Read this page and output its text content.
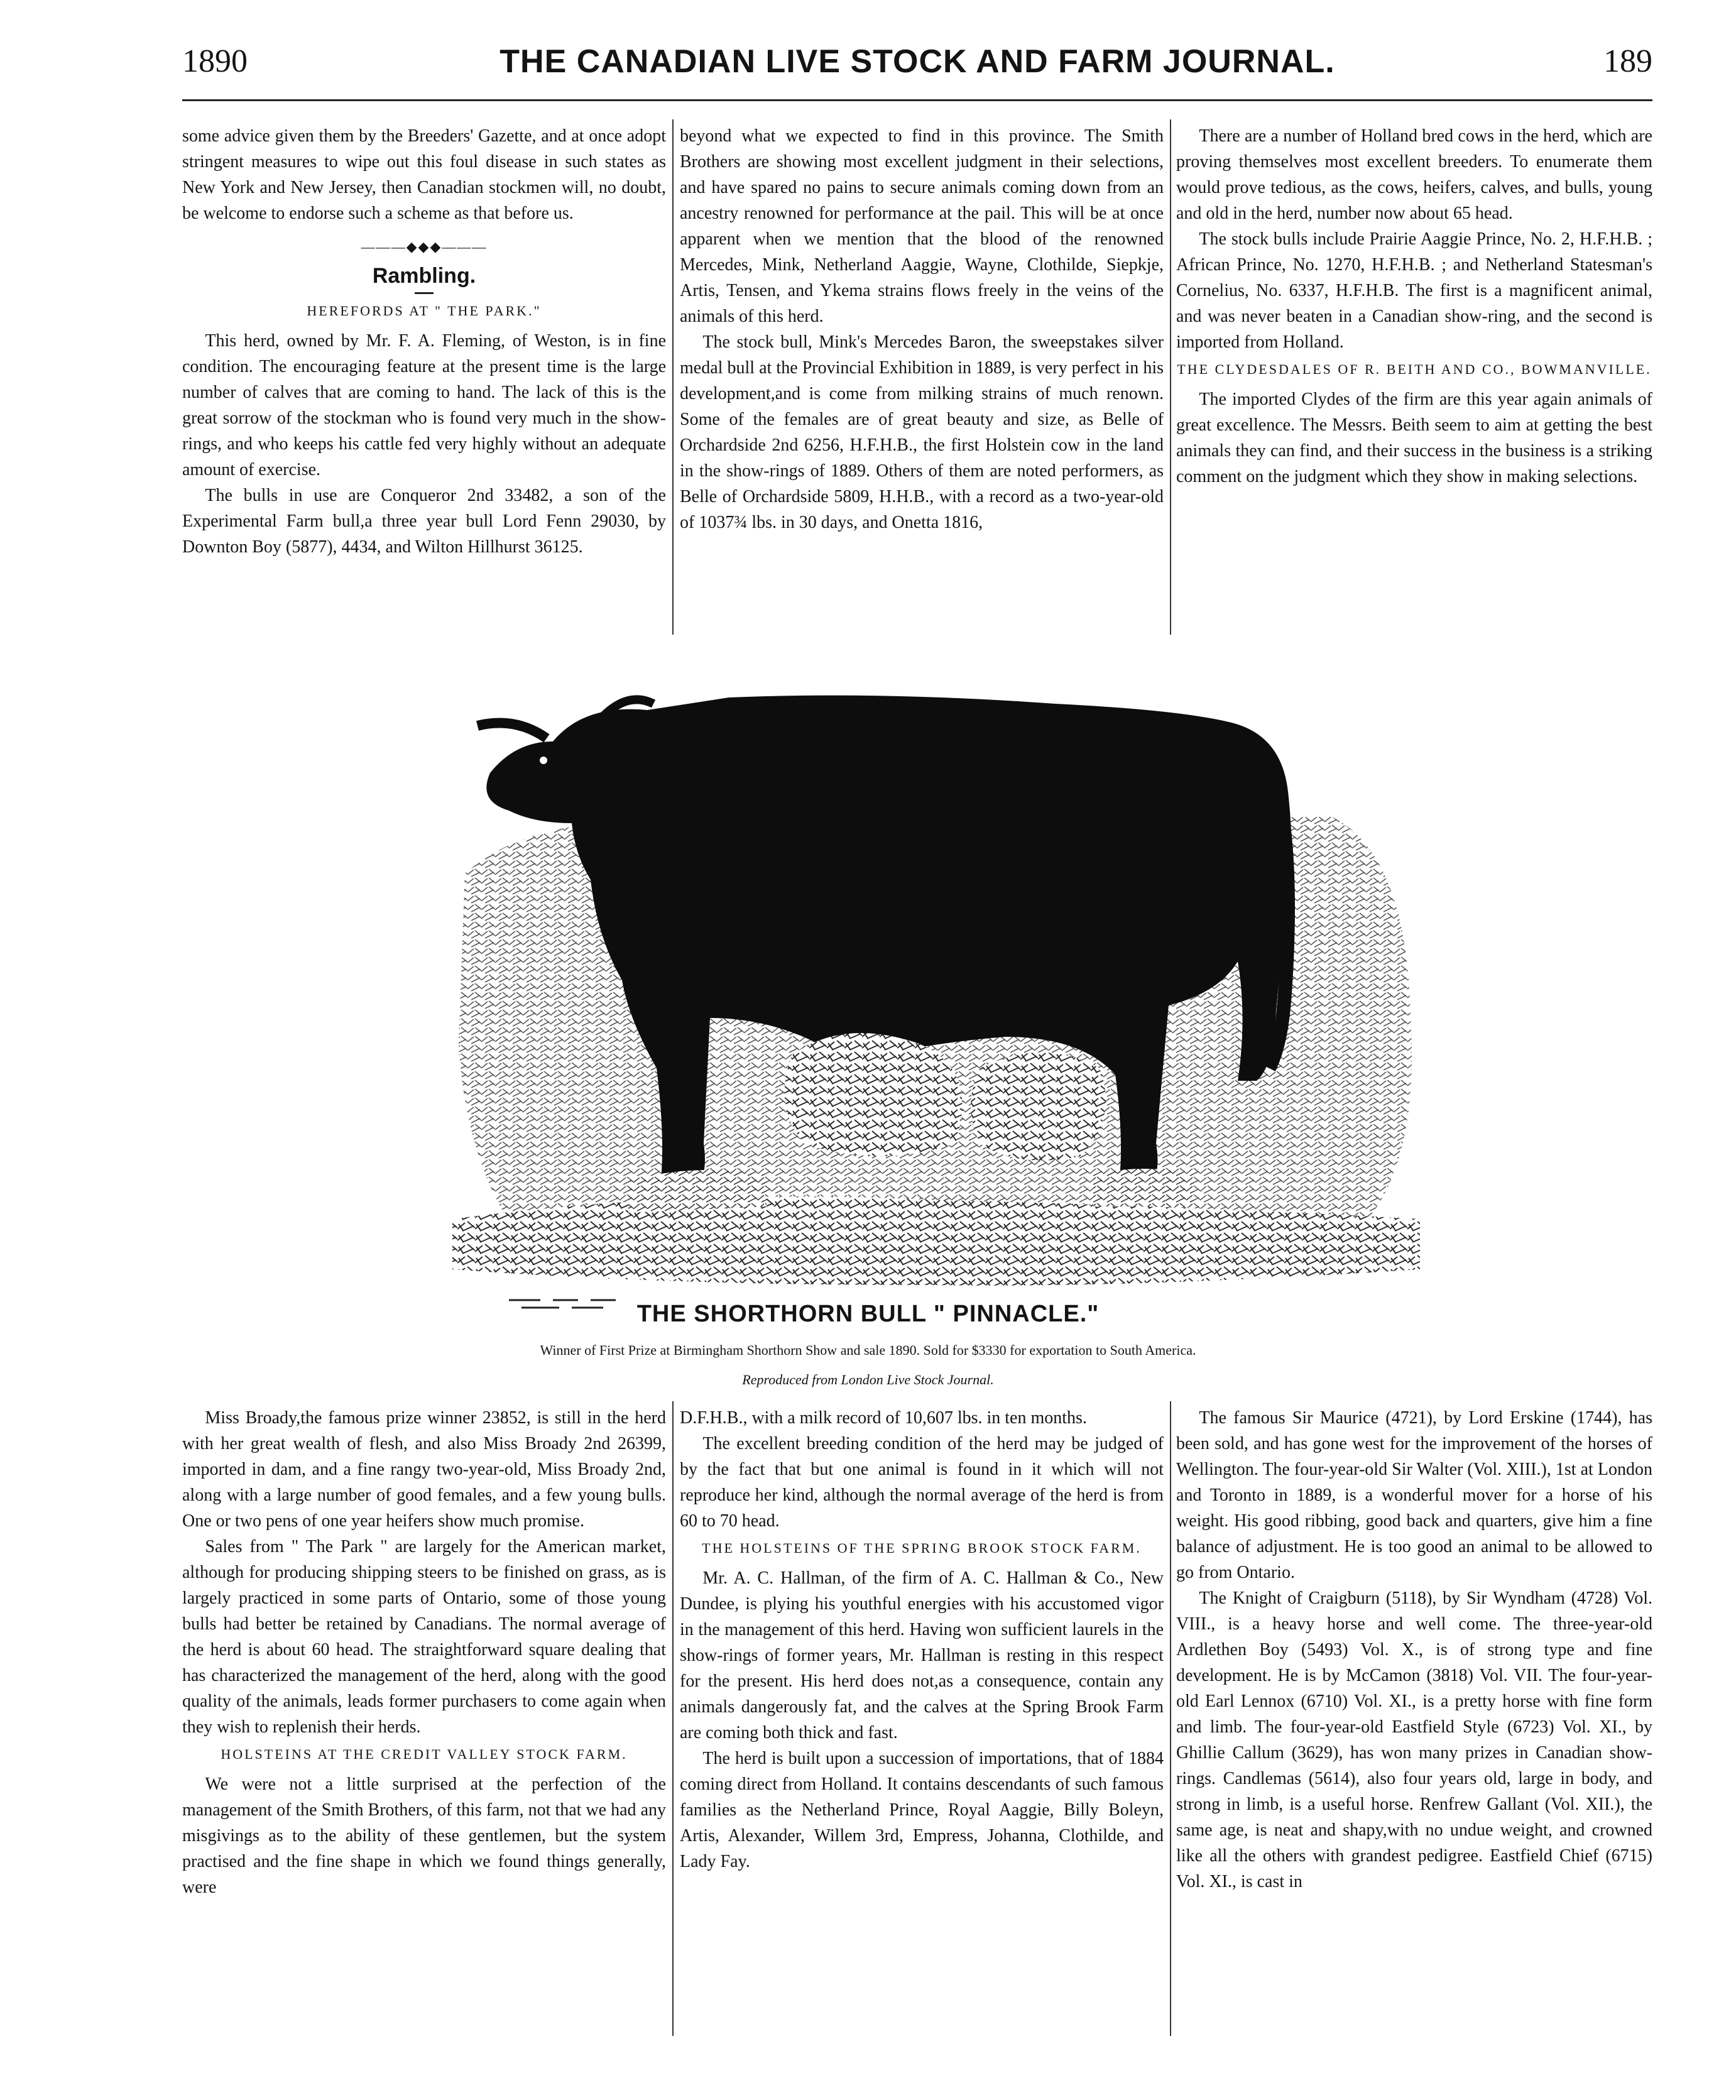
1890	THE CANADIAN LIVE STOCK AND FARM JOURNAL.	189

some advice given them by the Breeders' Gazette, and at once adopt stringent measures to wipe out this foul disease in such states as New York and New Jersey, then Canadian stockmen will, no doubt, be welcome to endorse such a scheme as that before us.

———◆◆◆———
Rambling.
HEREFORDS AT " THE PARK."

This herd, owned by Mr. F. A. Fleming, of Weston, is in fine condition. The encouraging feature at the present time is the large number of calves that are coming to hand. The lack of this is the great sorrow of the stockman who is found very much in the show-rings, and who keeps his cattle fed very highly without an adequate amount of exercise.

The bulls in use are Conqueror 2nd 33482, a son of the Experimental Farm bull,a three year bull Lord Fenn 29030, by Downton Boy (5877), 4434, and Wilton Hillhurst 36125.

beyond what we expected to find in this province. The Smith Brothers are showing most excellent judgment in their selections, and have spared no pains to secure animals coming down from an ancestry renowned for performance at the pail. This will be at once apparent when we mention that the blood of the renowned Mercedes, Mink, Netherland Aaggie, Wayne, Clothilde, Siepkje, Artis, Tensen, and Ykema strains flows freely in the veins of the animals of this herd.

The stock bull, Mink's Mercedes Baron, the sweepstakes silver medal bull at the Provincial Exhibition in 1889, is very perfect in his development,and is come from milking strains of much renown. Some of the females are of great beauty and size, as Belle of Orchardside 2nd 6256, H.F.H.B., the first Holstein cow in the land in the show-rings of 1889. Others of them are noted performers, as Belle of Orchardside 5809, H.H.B., with a record as a two-year-old of 1037¾ lbs. in 30 days, and Onetta 1816,

There are a number of Holland bred cows in the herd, which are proving themselves most excellent breeders. To enumerate them would prove tedious, as the cows, heifers, calves, and bulls, young and old in the herd, number now about 65 head.

The stock bulls include Prairie Aaggie Prince, No. 2, H.F.H.B. ; African Prince, No. 1270, H.F.H.B. ; and Netherland Statesman's Cornelius, No. 6337, H.F.H.B. The first is a magnificent animal, and was never beaten in a Canadian show-ring, and the second is imported from Holland.

THE CLYDESDALES OF R. BEITH AND CO., BOWMANVILLE.

The imported Clydes of the firm are this year again animals of great excellence. The Messrs. Beith seem to aim at getting the best animals they can find, and their success in the business is a striking comment on the judgment which they show in making selections.

THE SHORTHORN BULL " PINNACLE."
Winner of First Prize at Birmingham Shorthorn Show and sale 1890. Sold for $3330 for exportation to South America.
Reproduced from London Live Stock Journal.

Miss Broady,the famous prize winner 23852, is still in the herd with her great wealth of flesh, and also Miss Broady 2nd 26399, imported in dam, and a fine rangy two-year-old, Miss Broady 2nd, along with a large number of good females, and a few young bulls. One or two pens of one year heifers show much promise.

Sales from " The Park " are largely for the American market, although for producing shipping steers to be finished on grass, as is largely practiced in some parts of Ontario, some of those young bulls had better be retained by Canadians. The normal average of the herd is about 60 head. The straightforward square dealing that has characterized the management of the herd, along with the good quality of the animals, leads former purchasers to come again when they wish to replenish their herds.

HOLSTEINS AT THE CREDIT VALLEY STOCK FARM.

We were not a little surprised at the perfection of the management of the Smith Brothers, of this farm, not that we had any misgivings as to the ability of these gentlemen, but the system practised and the fine shape in which we found things generally, were

D.F.H.B., with a milk record of 10,607 lbs. in ten months.

The excellent breeding condition of the herd may be judged of by the fact that but one animal is found in it which will not reproduce her kind, although the normal average of the herd is from 60 to 70 head.

THE HOLSTEINS OF THE SPRING BROOK STOCK FARM.

Mr. A. C. Hallman, of the firm of A. C. Hallman & Co., New Dundee, is plying his youthful energies with his accustomed vigor in the management of this herd. Having won sufficient laurels in the show-rings of former years, Mr. Hallman is resting in this respect for the present. His herd does not,as a consequence, contain any animals dangerously fat, and the calves at the Spring Brook Farm are coming both thick and fast.

The herd is built upon a succession of importations, that of 1884 coming direct from Holland. It contains descendants of such famous families as the Netherland Prince, Royal Aaggie, Billy Boleyn, Artis, Alexander, Willem 3rd, Empress, Johanna, Clothilde, and Lady Fay.

The famous Sir Maurice (4721), by Lord Erskine (1744), has been sold, and has gone west for the improvement of the horses of Wellington. The four-year-old Sir Walter (Vol. XIII.), 1st at London and Toronto in 1889, is a wonderful mover for a horse of his weight. His good ribbing, good back and quarters, give him a fine balance of adjustment. He is too good an animal to be allowed to go from Ontario.

The Knight of Craigburn (5118), by Sir Wyndham (4728) Vol. VIII., is a heavy horse and well come. The three-year-old Ardlethen Boy (5493) Vol. X., is of strong type and fine development. He is by McCamon (3818) Vol. VII. The four-year-old Earl Lennox (6710) Vol. XI., is a pretty horse with fine form and limb. The four-year-old Eastfield Style (6723) Vol. XI., by Ghillie Callum (3629), has won many prizes in Canadian show-rings. Candlemas (5614), also four years old, large in body, and strong in limb, is a useful horse. Renfrew Gallant (Vol. XII.), the same age, is neat and shapy,with no undue weight, and crowned like all the others with grandest pedigree. Eastfield Chief (6715) Vol. XI., is cast in
